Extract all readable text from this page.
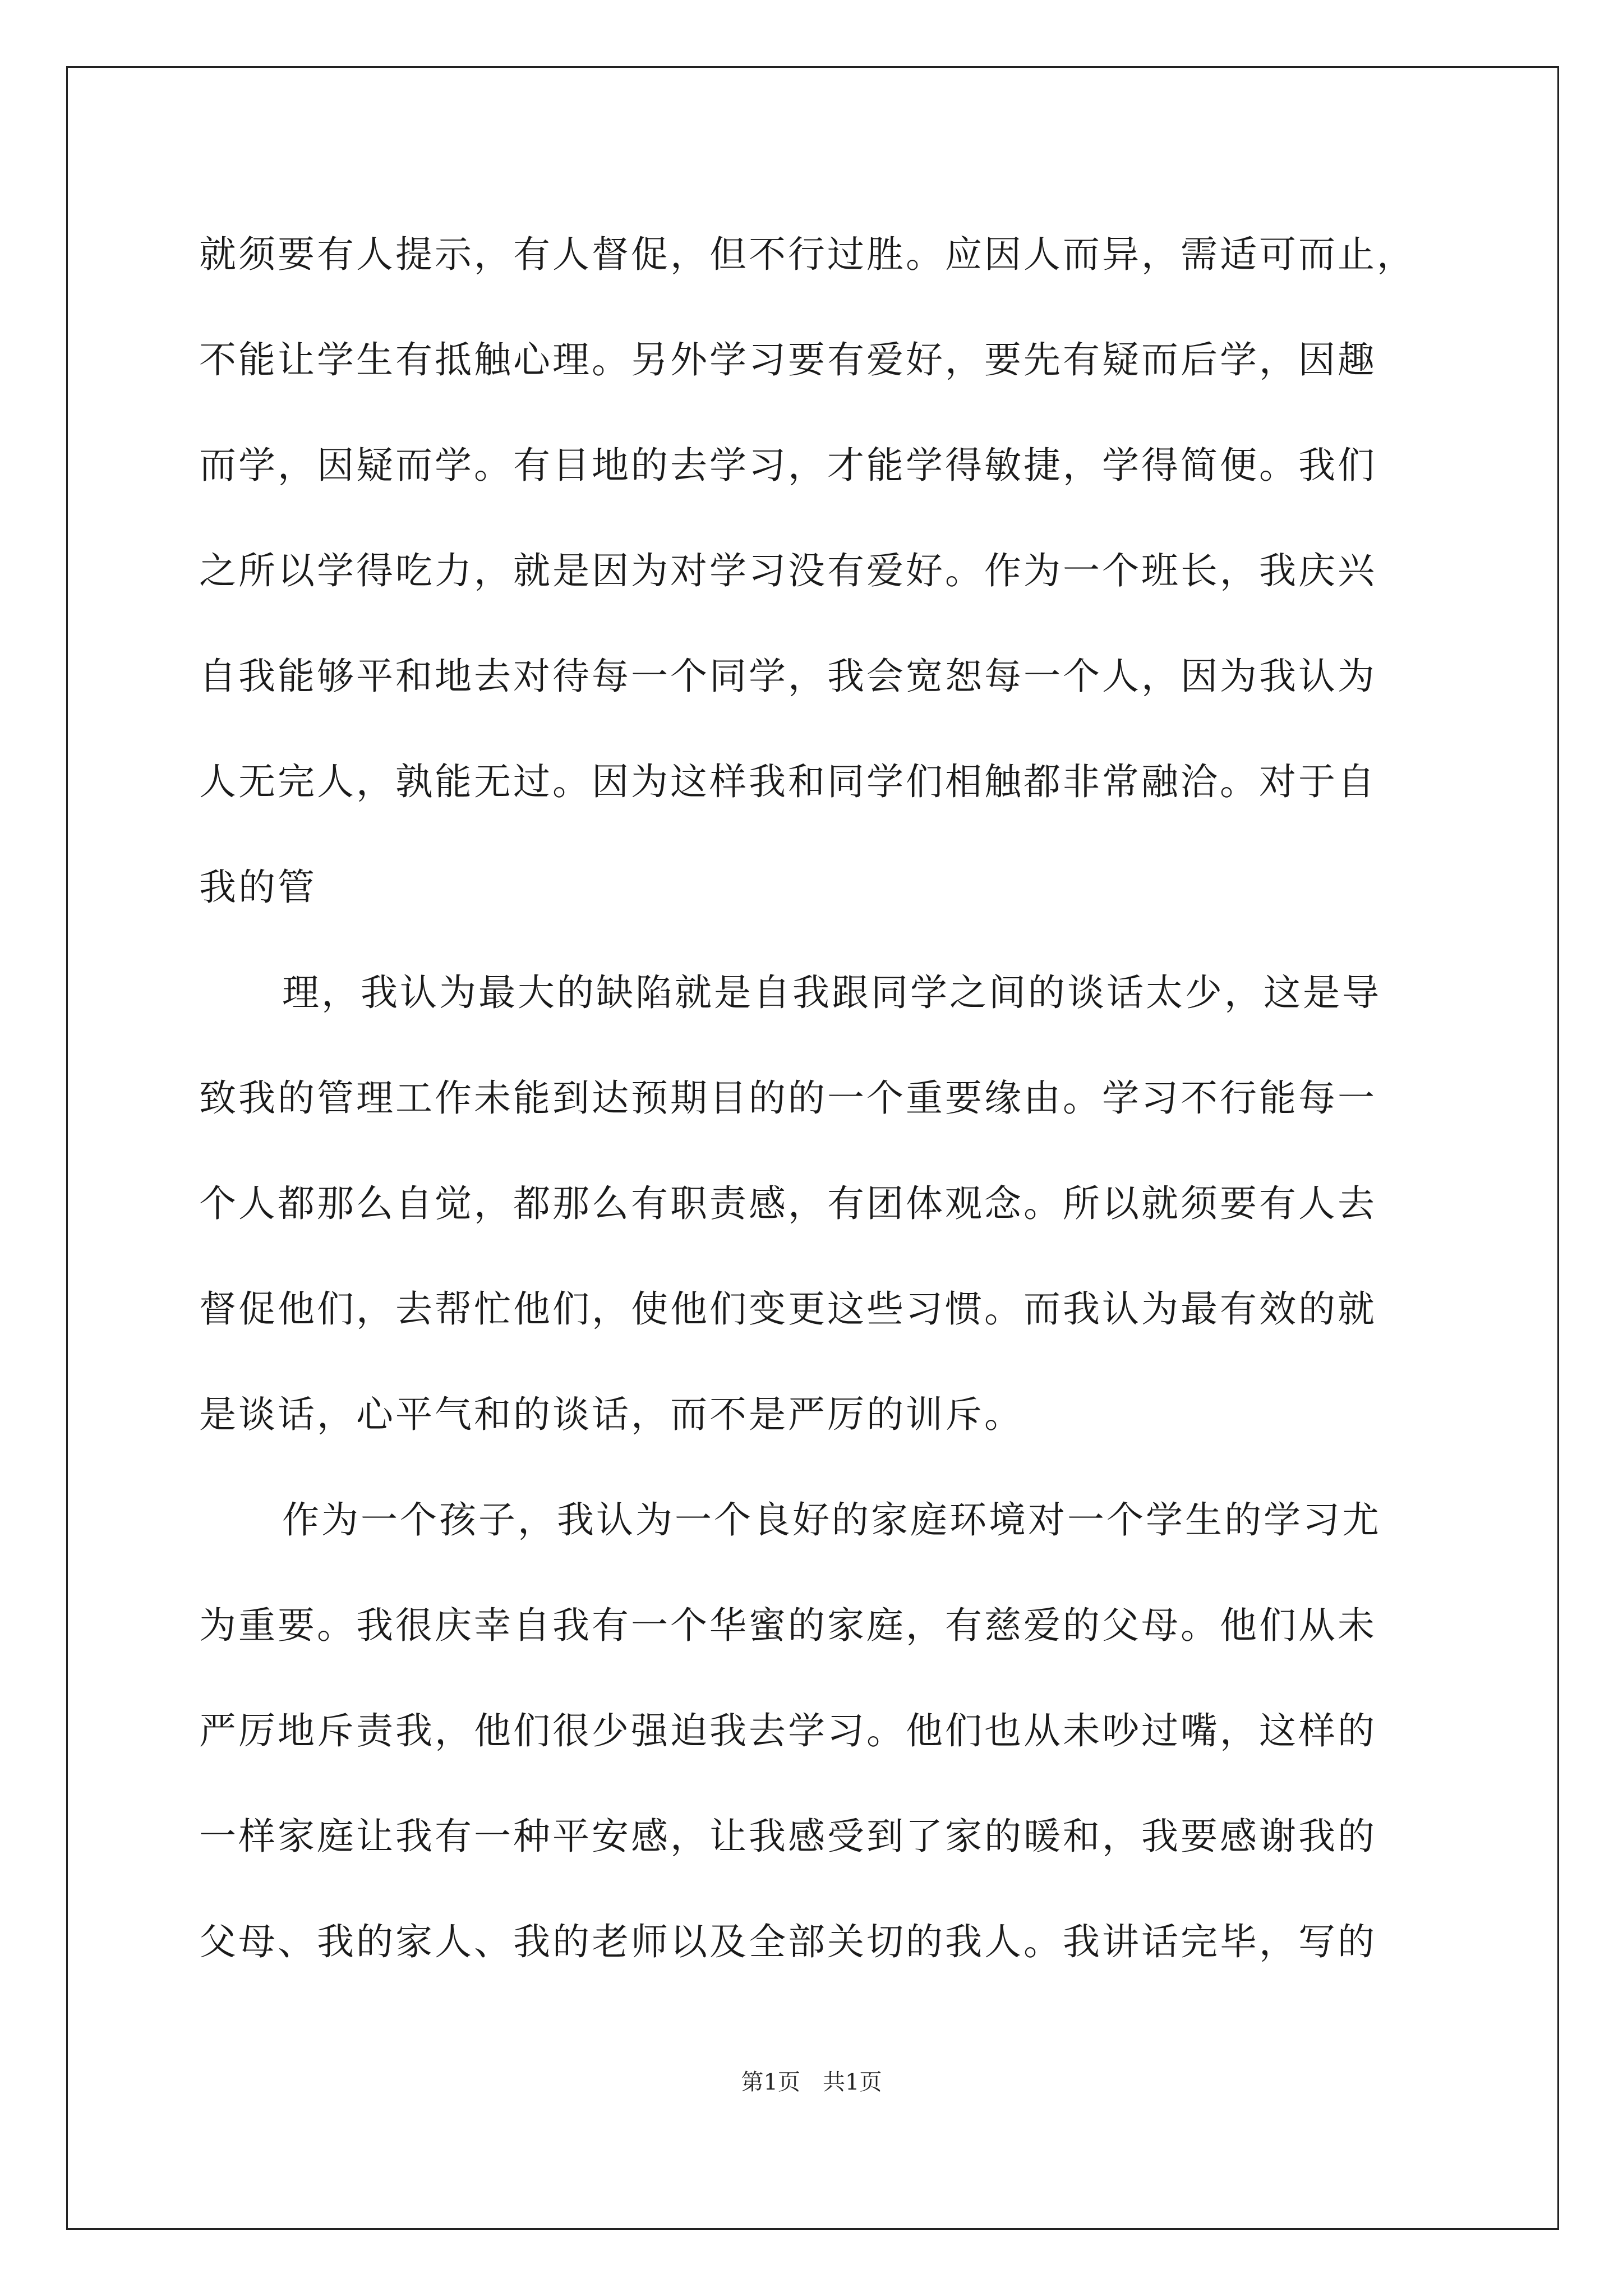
就须要有人提示，有人督促，但不行过胜。应因人而异，需适可而止，
不能让学生有抵触心理。另外学习要有爱好，要先有疑而后学，因趣
而学，因疑而学。有目地的去学习，才能学得敏捷，学得简便。我们
之所以学得吃力，就是因为对学习没有爱好。作为一个班长，我庆兴
自我能够平和地去对待每一个同学，我会宽恕每一个人，因为我认为
人无完人，孰能无过。因为这样我和同学们相触都非常融洽。对于自
我的管
理，我认为最大的缺陷就是自我跟同学之间的谈话太少，这是导
致我的管理工作未能到达预期目的的一个重要缘由。学习不行能每一
个人都那么自觉，都那么有职责感，有团体观念。所以就须要有人去
督促他们，去帮忙他们，使他们变更这些习惯。而我认为最有效的就
是谈话，心平气和的谈话，而不是严厉的训斥。
作为一个孩子，我认为一个良好的家庭环境对一个学生的学习尤
为重要。我很庆幸自我有一个华蜜的家庭，有慈爱的父母。他们从未
严厉地斥责我，他们很少强迫我去学习。他们也从未吵过嘴，这样的
一样家庭让我有一种平安感，让我感受到了家的暖和，我要感谢我的
父母、我的家人、我的老师以及全部关切的我人。我讲话完毕，写的
第1页　共1页
